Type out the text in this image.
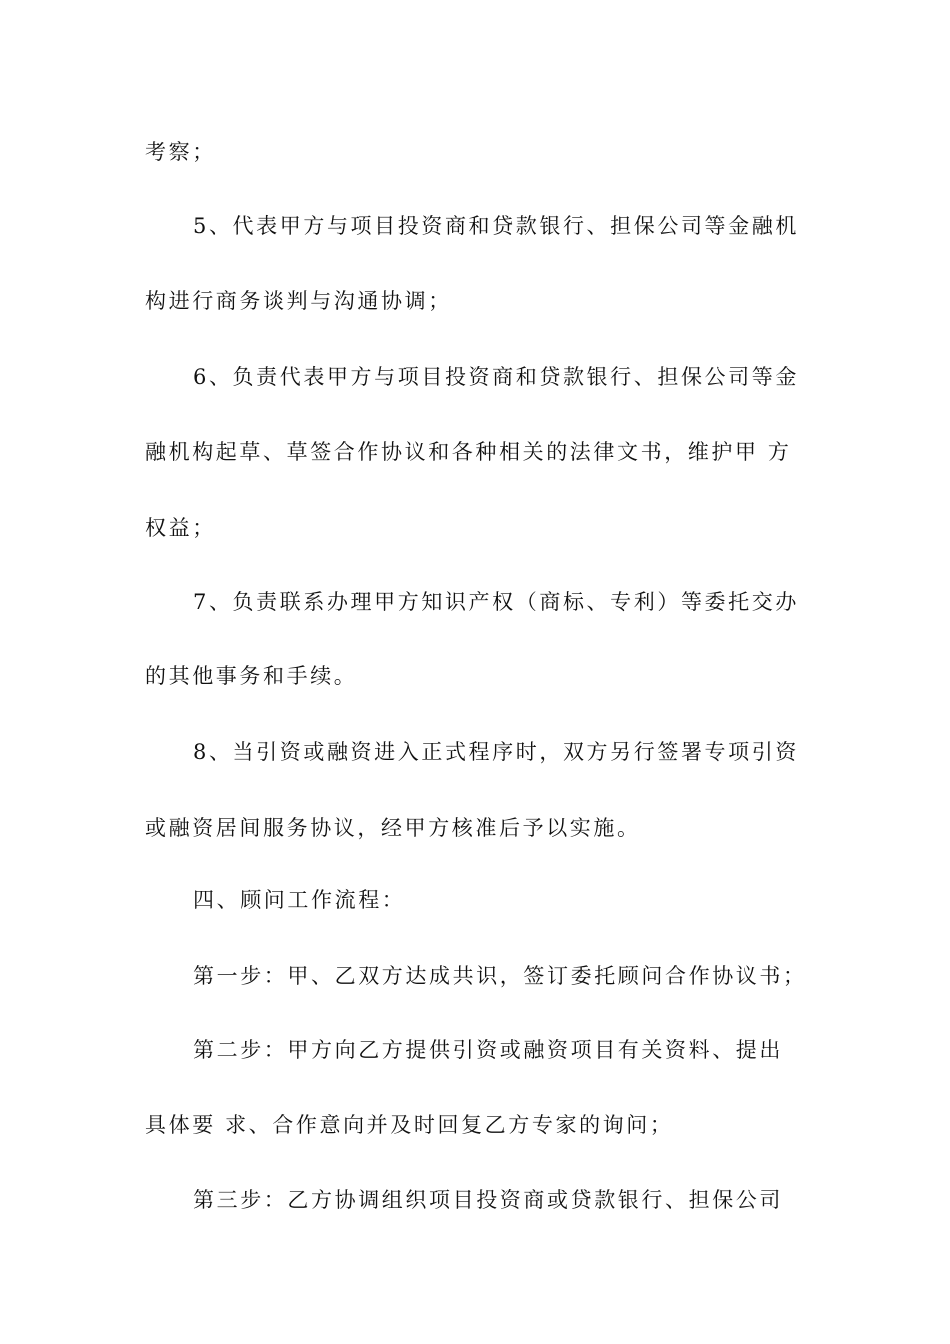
考察；
5、代表甲方与项目投资商和贷款银行、担保公司等金融机
构进行商务谈判与沟通协调；
6、负责代表甲方与项目投资商和贷款银行、担保公司等金
融机构起草、草签合作协议和各种相关的法律文书，维护甲 方
权益；
7、负责联系办理甲方知识产权（商标、专利）等委托交办
的其他事务和手续。
8、当引资或融资进入正式程序时，双方另行签署专项引资
或融资居间服务协议，经甲方核准后予以实施。
四、顾问工作流程：
第一步：甲、乙双方达成共识，签订委托顾问合作协议书；
第二步：甲方向乙方提供引资或融资项目有关资料、提出
具体要 求、合作意向并及时回复乙方专家的询问；
第三步：乙方协调组织项目投资商或贷款银行、担保公司
